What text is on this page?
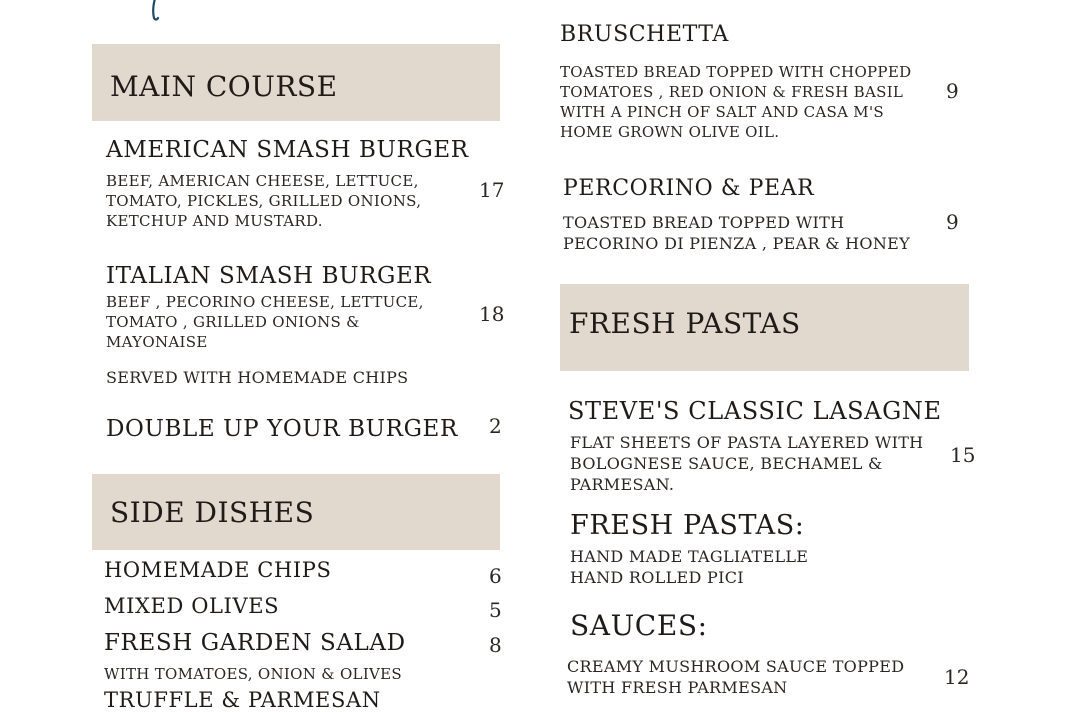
MAIN COURSE
AMERICAN SMASH BURGER
BEEF, AMERICAN CHEESE, LETTUCE,
TOMATO, PICKLES, GRILLED ONIONS,
KETCHUP AND MUSTARD.
17
ITALIAN SMASH BURGER
BEEF , PECORINO CHEESE, LETTUCE,
TOMATO , GRILLED ONIONS &
MAYONAISE
18
SERVED WITH HOMEMADE CHIPS
DOUBLE UP YOUR BURGER 2
SIDE DISHES
HOMEMADE CHIPS	6
MIXED OLIVES	5
FRESH GARDEN SALAD	8
WITH TOMATOES, ONION & OLIVES
TRUFFLE & PARMESAN
BRUSCHETTA
TOASTED BREAD TOPPED WITH CHOPPED
TOMATOES , RED ONION & FRESH BASIL
WITH A PINCH OF SALT AND CASA M'S
HOME GROWN OLIVE OIL.
9
PERCORINO & PEAR
TOASTED BREAD TOPPED WITH
PECORINO DI PIENZA , PEAR & HONEY
9
FRESH PASTAS
STEVE'S CLASSIC LASAGNE
FLAT SHEETS OF PASTA LAYERED WITH
BOLOGNESE SAUCE, BECHAMEL &
PARMESAN.
15
FRESH PASTAS:
HAND MADE TAGLIATELLE
HAND ROLLED PICI
SAUCES:
CREAMY MUSHROOM SAUCE TOPPED
WITH FRESH PARMESAN	12
